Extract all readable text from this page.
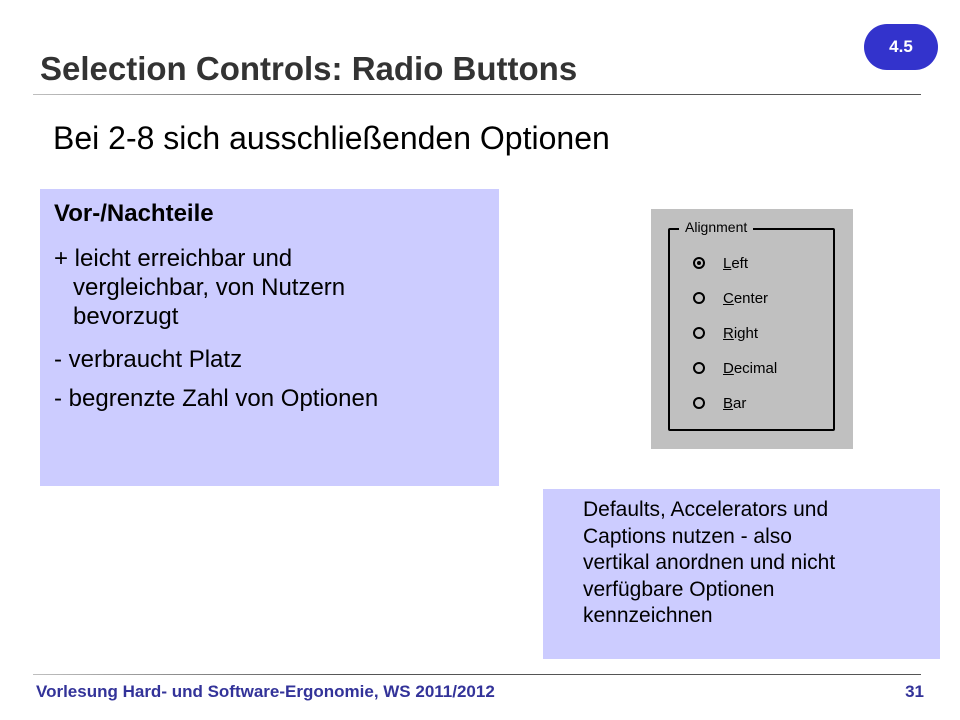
Selection Controls: Radio Buttons
4.5
Bei 2-8 sich ausschließenden Optionen
Vor-/Nachteile
+ leicht erreichbar und
vergleichbar, von Nutzern
bevorzugt
- verbraucht Platz
- begrenzte Zahl von Optionen
Alignment
Left
Center
Right
Decimal
Bar
Defaults, Accelerators und
Captions nutzen - also
vertikal anordnen und nicht
verfügbare Optionen
kennzeichnen
Vorlesung Hard- und Software-Ergonomie, WS 2011/2012	31
